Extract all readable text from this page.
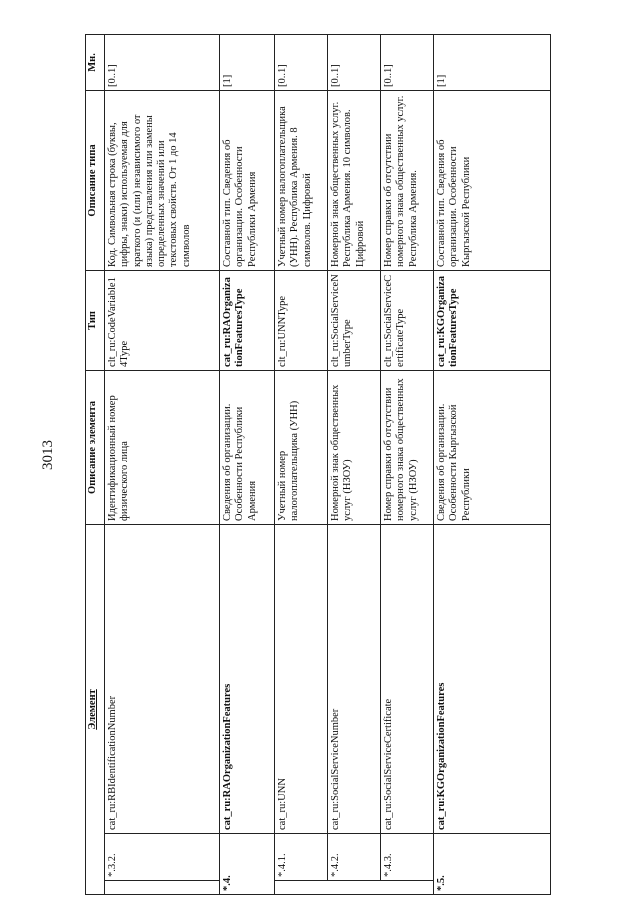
3013
Элемент			Описание элемента	Тип	Описание типа	Мн.
	*.3.2.	cat_ru:RBIdentificationNumber	Идентификационный номер физического лица	clt_ru:CodeVariable14Type	Код. Символьная строка (буквы, цифры, знаки) используемая для краткого (и (или) независимого от языка) представления или замены определенных значений или текстовых свойств. От 1 до 14 символов	[0..1]
*.4.		cat_ru:RAOrganizationFeatures	Сведения об организации. Особенности Республики Армения	cat_ru:RAOrganizationFeaturesType	Составной тип. Сведения об организации. Особенности Республики Армения	[1]
	*.4.1.	cat_ru:UNN	Учетный номер налогоплательщика (УНН)	clt_ru:UNNType	Учетный номер налогоплательщика (УНН). Республика Армения. 8 символов. Цифровой	[0..1]
	*.4.2.	cat_ru:SocialServiceNumber	Номерной знак общественных услуг (НЗОУ)	clt_ru:SocialServiceNumberType	Номерной знак общественных услуг. Республика Армения. 10 символов. Цифровой	[0..1]
	*.4.3.	cat_ru:SocialServiceCertificate	Номер справки об отсутствии номерного знака общественных услуг (НЗОУ)	clt_ru:SocialServiceCertificateType	Номер справки об отсутствии номерного знака общественных услуг. Республика Армения.	[0..1]
*.5.		cat_ru:KGOrganizationFeatures	Сведения об организации. Особенности Кыргызской Республики	cat_ru:KGOrganizationFeaturesType	Составной тип. Сведения об организации. Особенности Кыргызской Республики	[1]
